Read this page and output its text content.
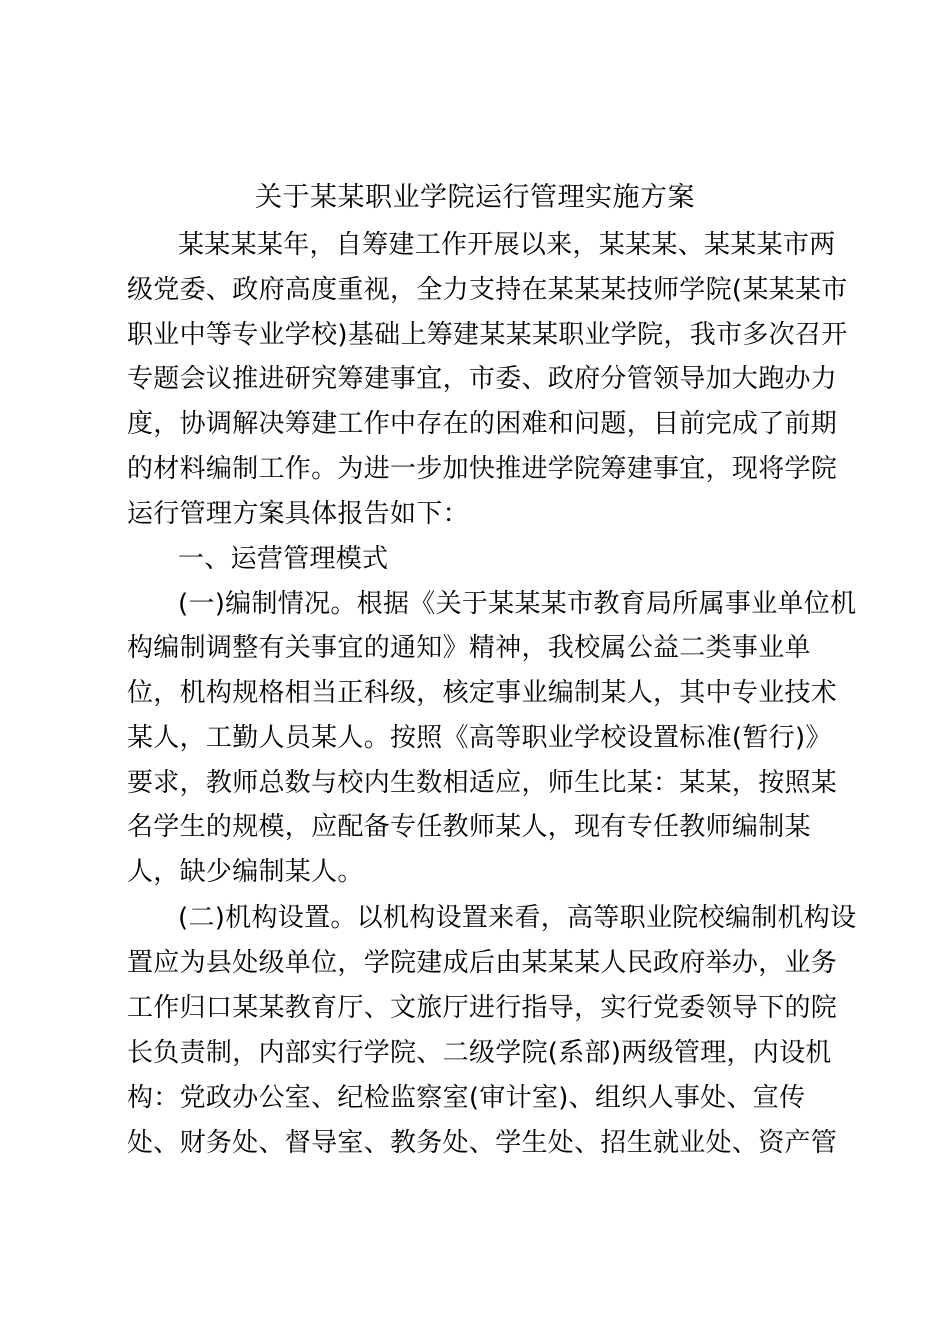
关于某某职业学院运行管理实施方案
某某某某年，自筹建工作开展以来，某某某、某某某市两
级党委、政府高度重视，全力支持在某某某技师学院(某某某市
职业中等专业学校)基础上筹建某某某职业学院，我市多次召开
专题会议推进研究筹建事宜，市委、政府分管领导加大跑办力
度，协调解决筹建工作中存在的困难和问题，目前完成了前期
的材料编制工作。为进一步加快推进学院筹建事宜，现将学院
运行管理方案具体报告如下：
一、运营管理模式
(一)编制情况。根据《关于某某某市教育局所属事业单位机
构编制调整有关事宜的通知》精神，我校属公益二类事业单
位，机构规格相当正科级，核定事业编制某人，其中专业技术
某人，工勤人员某人。按照《高等职业学校设置标准(暂行)》
要求，教师总数与校内生数相适应，师生比某：某某，按照某
名学生的规模，应配备专任教师某人，现有专任教师编制某
人，缺少编制某人。
(二)机构设置。以机构设置来看，高等职业院校编制机构设
置应为县处级单位，学院建成后由某某某人民政府举办，业务
工作归口某某教育厅、文旅厅进行指导，实行党委领导下的院
长负责制，内部实行学院、二级学院(系部)两级管理，内设机
构：党政办公室、纪检监察室(审计室)、组织人事处、宣传
处、财务处、督导室、教务处、学生处、招生就业处、资产管
